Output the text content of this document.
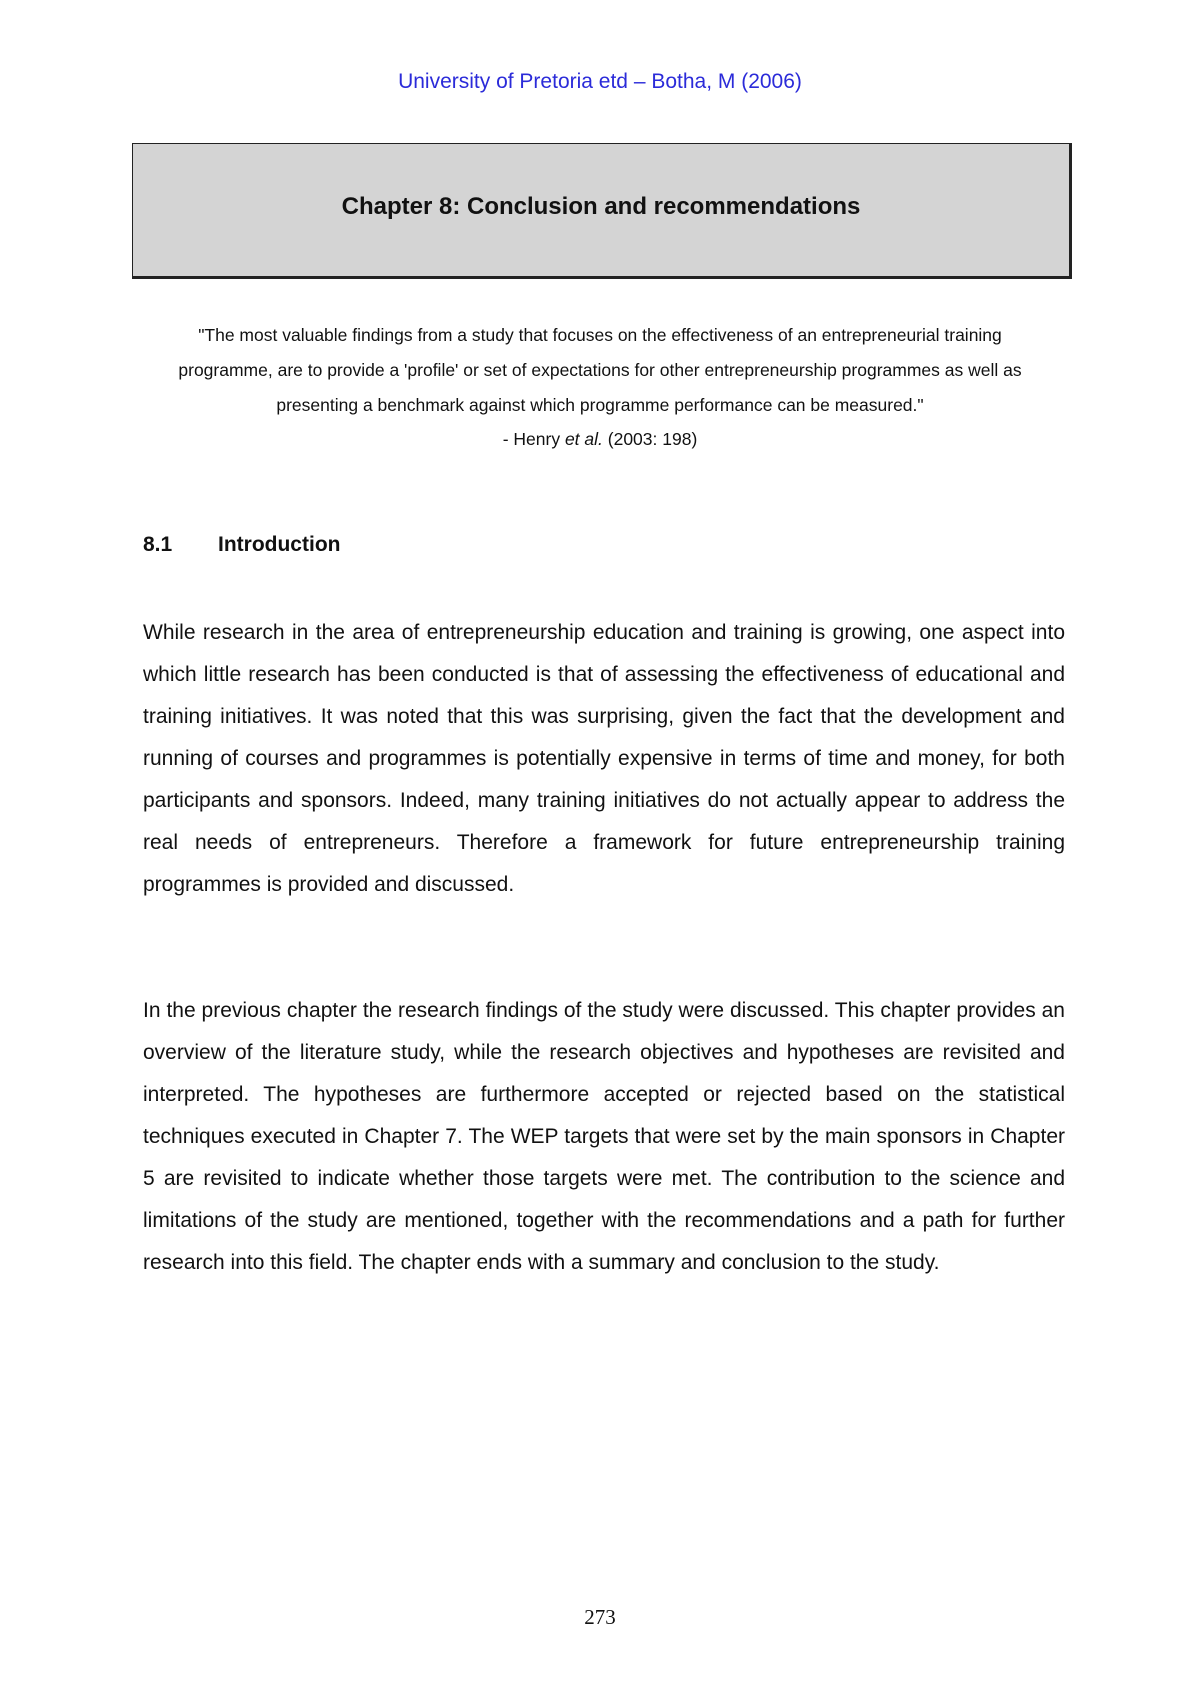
University of Pretoria etd – Botha, M (2006)
Chapter 8: Conclusion and recommendations
"The most valuable findings from a study that focuses on the effectiveness of an entrepreneurial training programme, are to provide a 'profile' or set of expectations for other entrepreneurship programmes as well as presenting a benchmark against which programme performance can be measured."
- Henry et al. (2003: 198)
8.1 Introduction

While research in the area of entrepreneurship education and training is growing, one aspect into which little research has been conducted is that of assessing the effectiveness of educational and training initiatives. It was noted that this was surprising, given the fact that the development and running of courses and programmes is potentially expensive in terms of time and money, for both participants and sponsors. Indeed, many training initiatives do not actually appear to address the real needs of entrepreneurs. Therefore a framework for future entrepreneurship training programmes is provided and discussed.

In the previous chapter the research findings of the study were discussed. This chapter provides an overview of the literature study, while the research objectives and hypotheses are revisited and interpreted. The hypotheses are furthermore accepted or rejected based on the statistical techniques executed in Chapter 7. The WEP targets that were set by the main sponsors in Chapter 5 are revisited to indicate whether those targets were met. The contribution to the science and limitations of the study are mentioned, together with the recommendations and a path for further research into this field. The chapter ends with a summary and conclusion to the study.

273
